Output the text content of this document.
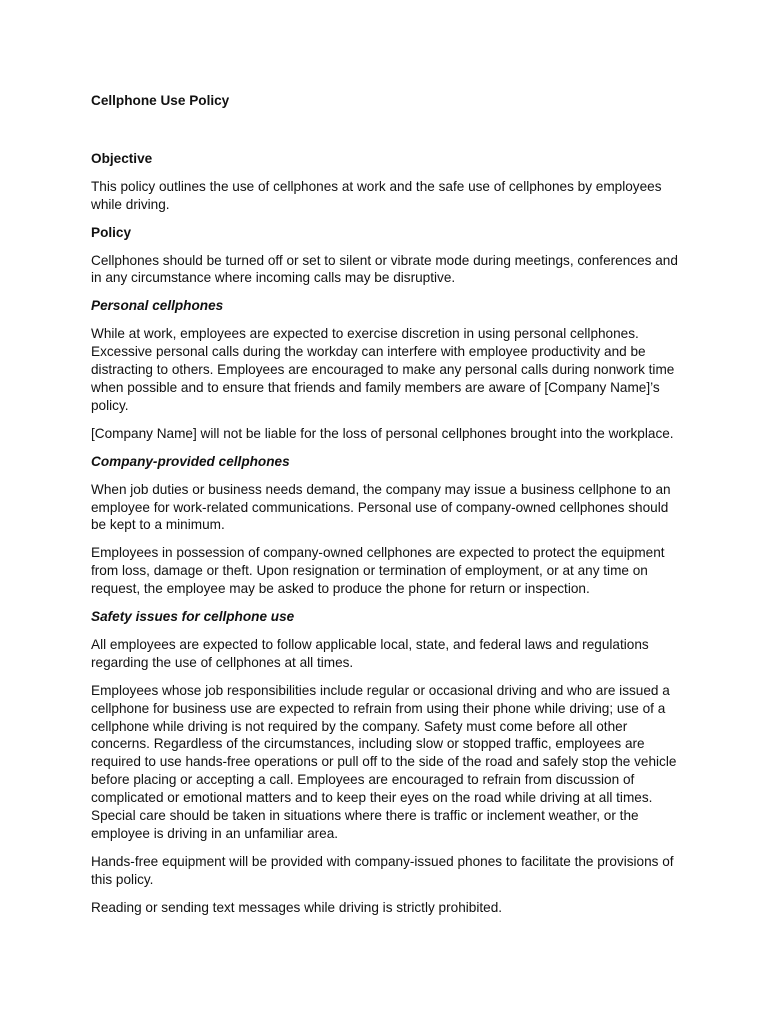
Cellphone Use Policy
Objective
This policy outlines the use of cellphones at work and the safe use of cellphones by employees while driving.
Policy
Cellphones should be turned off or set to silent or vibrate mode during meetings, conferences and in any circumstance where incoming calls may be disruptive.
Personal cellphones
While at work, employees are expected to exercise discretion in using personal cellphones. Excessive personal calls during the workday can interfere with employee productivity and be distracting to others. Employees are encouraged to make any personal calls during nonwork time when possible and to ensure that friends and family members are aware of [Company Name]’s policy.
[Company Name] will not be liable for the loss of personal cellphones brought into the workplace.
Company-provided cellphones
When job duties or business needs demand, the company may issue a business cellphone to an employee for work-related communications. Personal use of company-owned cellphones should be kept to a minimum.
Employees in possession of company-owned cellphones are expected to protect the equipment from loss, damage or theft. Upon resignation or termination of employment, or at any time on request, the employee may be asked to produce the phone for return or inspection.
Safety issues for cellphone use
All employees are expected to follow applicable local, state, and federal laws and regulations regarding the use of cellphones at all times.
Employees whose job responsibilities include regular or occasional driving and who are issued a cellphone for business use are expected to refrain from using their phone while driving; use of a cellphone while driving is not required by the company. Safety must come before all other concerns. Regardless of the circumstances, including slow or stopped traffic, employees are required to use hands-free operations or pull off to the side of the road and safely stop the vehicle before placing or accepting a call. Employees are encouraged to refrain from discussion of complicated or emotional matters and to keep their eyes on the road while driving at all times. Special care should be taken in situations where there is traffic or inclement weather, or the employee is driving in an unfamiliar area.
Hands-free equipment will be provided with company-issued phones to facilitate the provisions of this policy.
Reading or sending text messages while driving is strictly prohibited.
